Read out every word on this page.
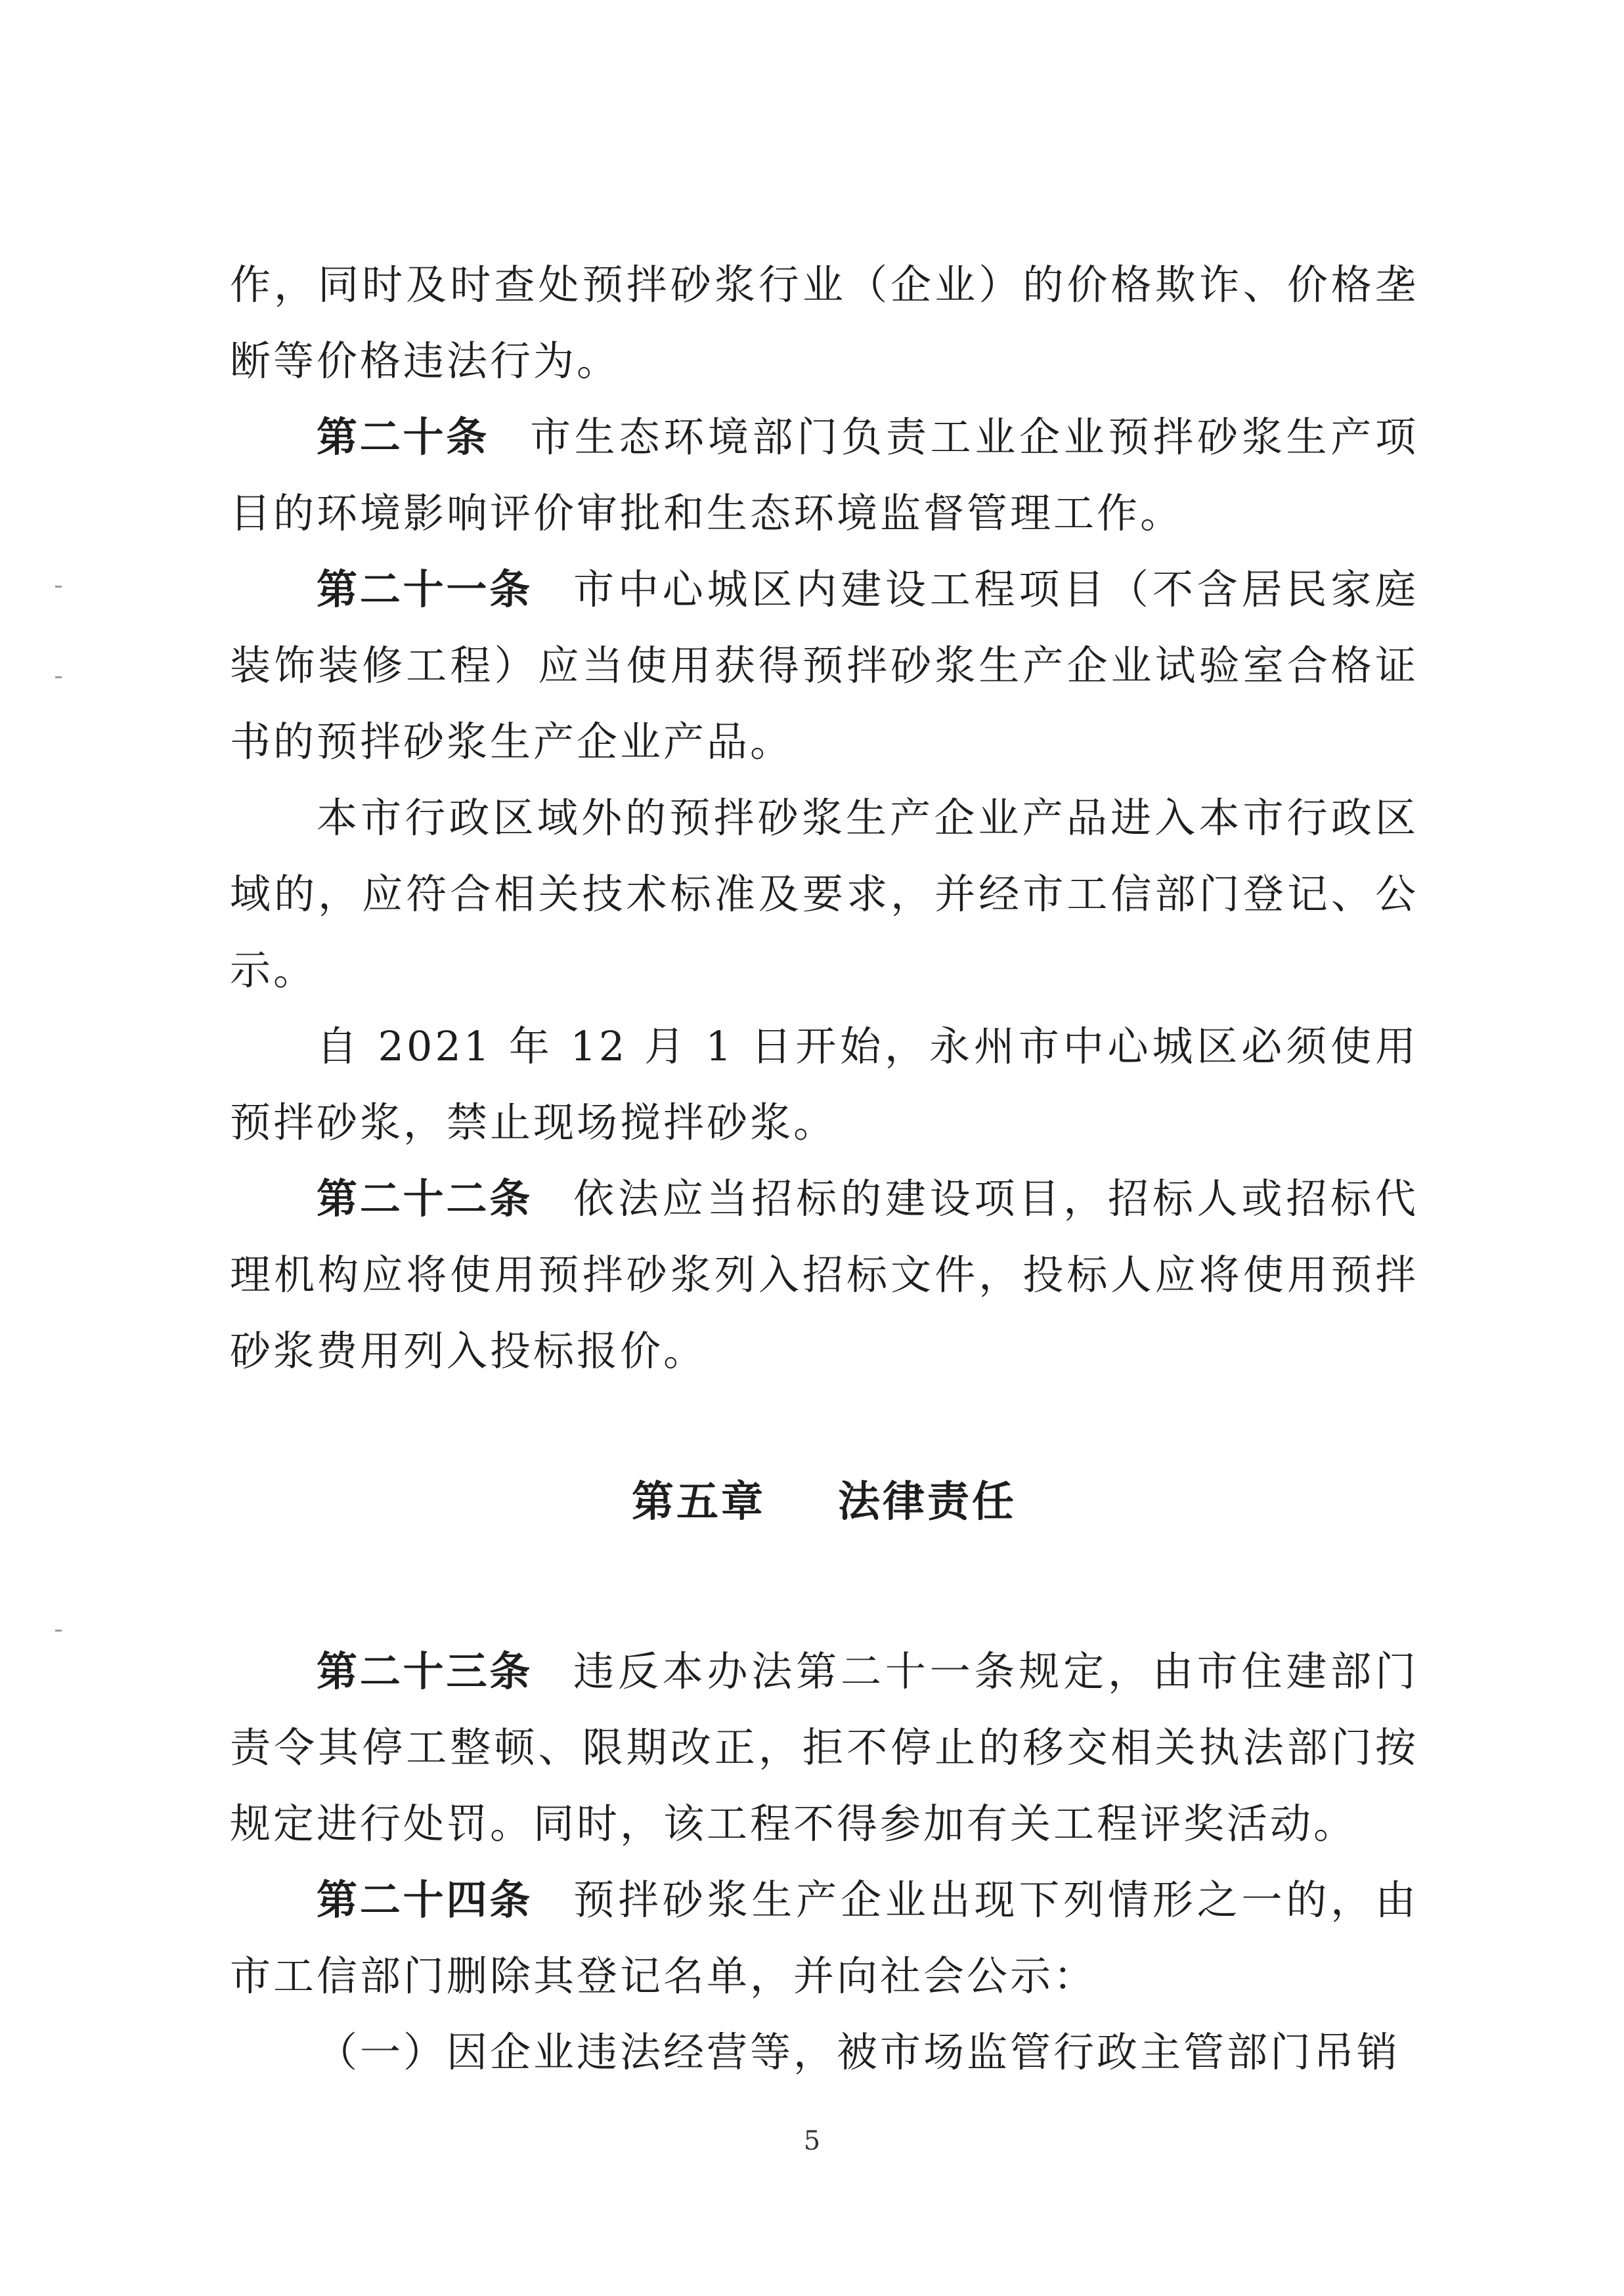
作，同时及时查处预拌砂浆行业（企业）的价格欺诈、价格垄断等价格违法行为。

第二十条 市生态环境部门负责工业企业预拌砂浆生产项目的环境影响评价审批和生态环境监督管理工作。

第二十一条 市中心城区内建设工程项目（不含居民家庭装饰装修工程）应当使用获得预拌砂浆生产企业试验室合格证书的预拌砂浆生产企业产品。

本市行政区域外的预拌砂浆生产企业产品进入本市行政区域的，应符合相关技术标准及要求，并经市工信部门登记、公示。

自 2021 年 12 月 1 日开始，永州市中心城区必须使用预拌砂浆，禁止现场搅拌砂浆。

第二十二条 依法应当招标的建设项目，招标人或招标代理机构应将使用预拌砂浆列入招标文件，投标人应将使用预拌砂浆费用列入投标报价。

第五章 法律责任

第二十三条 违反本办法第二十一条规定，由市住建部门责令其停工整顿、限期改正，拒不停止的移交相关执法部门按规定进行处罚。同时，该工程不得参加有关工程评奖活动。

第二十四条 预拌砂浆生产企业出现下列情形之一的，由市工信部门删除其登记名单，并向社会公示：

（一）因企业违法经营等，被市场监管行政主管部门吊销

5
